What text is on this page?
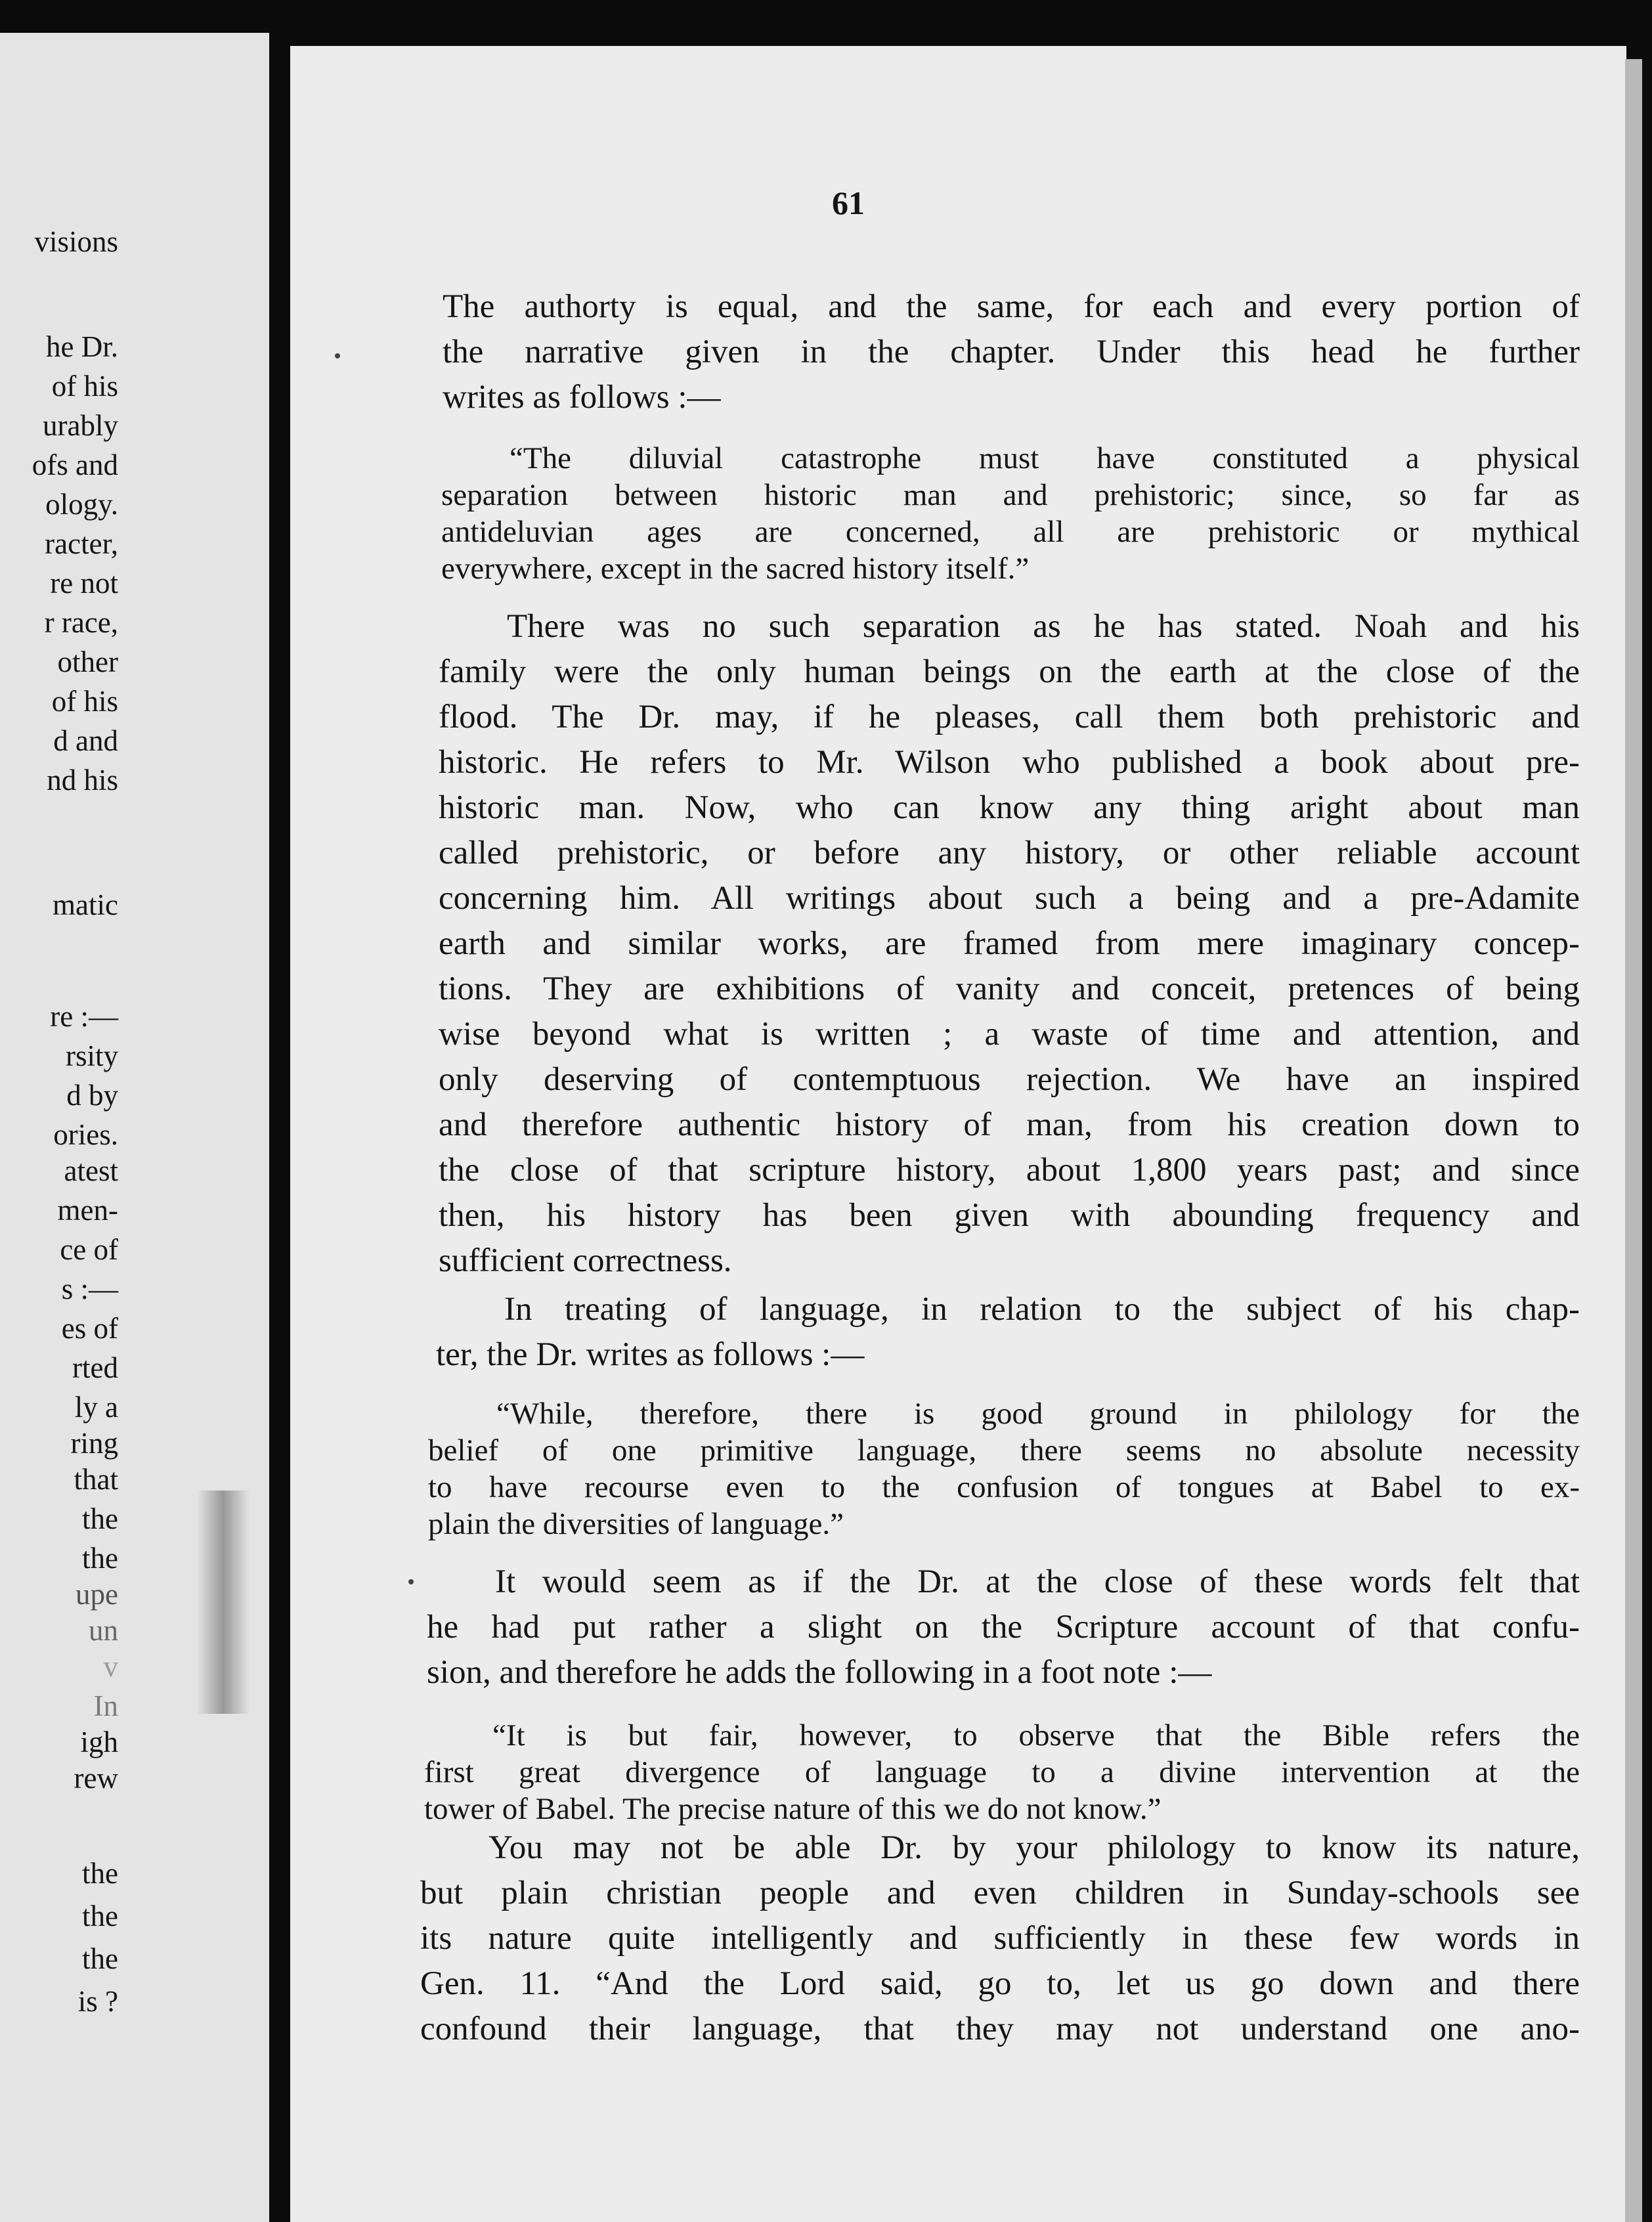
visions
he Dr.
of his
urably
ofs and
ology.
racter,
re not
r race,
other
of his
d and
nd his
matic
re :—
rsity
d by
ories.
atest
men-
ce of
s :—
es of
rted
ly a
ring
that
the
the
upe
un
v
In
igh
rew
the
the
the
is ?
61

The authorty is equal, and the same, for each and every portion of
the narrative given in the chapter. Under this head he further
writes as follows :—

“The diluvial catastrophe must have constituted a physical
separation between historic man and prehistoric; since, so far as
antideluvian ages are concerned, all are prehistoric or mythical
everywhere, except in the sacred history itself.”

There was no such separation as he has stated. Noah and his
family were the only human beings on the earth at the close of the
flood. The Dr. may, if he pleases, call them both prehistoric and
historic. He refers to Mr. Wilson who published a book about pre-
historic man. Now, who can know any thing aright about man
called prehistoric, or before any history, or other reliable account
concerning him. All writings about such a being and a pre-Adamite
earth and similar works, are framed from mere imaginary concep-
tions. They are exhibitions of vanity and conceit, pretences of being
wise beyond what is written ; a waste of time and attention, and
only deserving of contemptuous rejection. We have an inspired
and therefore authentic history of man, from his creation down to
the close of that scripture history, about 1,800 years past; and since
then, his history has been given with abounding frequency and
sufficient correctness.

In treating of language, in relation to the subject of his chap-
ter, the Dr. writes as follows :—

“While, therefore, there is good ground in philology for the
belief of one primitive language, there seems no absolute necessity
to have recourse even to the confusion of tongues at Babel to ex-
plain the diversities of language.”

It would seem as if the Dr. at the close of these words felt that
he had put rather a slight on the Scripture account of that confu-
sion, and therefore he adds the following in a foot note :—

“It is but fair, however, to observe that the Bible refers the
first great divergence of language to a divine intervention at the
tower of Babel. The precise nature of this we do not know.”

You may not be able Dr. by your philology to know its nature,
but plain christian people and even children in Sunday-schools see
its nature quite intelligently and sufficiently in these few words in
Gen. 11. “And the Lord said, go to, let us go down and there
confound their language, that they may not understand one ano-
